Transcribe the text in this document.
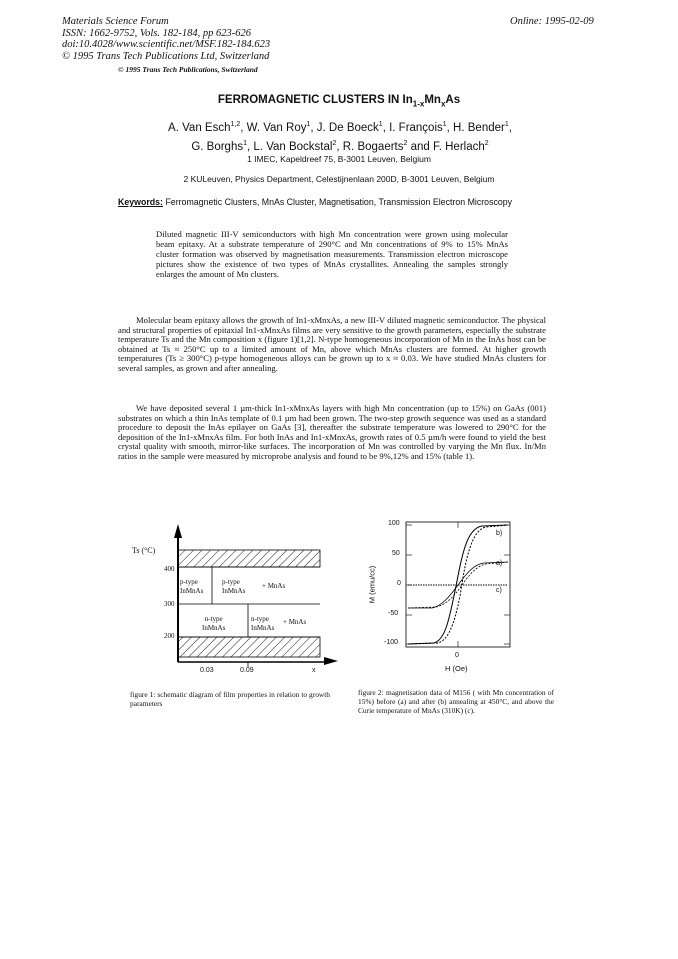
Materials Science Forum
ISSN: 1662-9752, Vols. 182-184, pp 623-626
doi:10.4028/www.scientific.net/MSF.182-184.623
© 1995 Trans Tech Publications Ltd, Switzerland
© 1995 Trans Tech Publications, Switzerland
Online: 1995-02-09
FERROMAGNETIC CLUSTERS IN $In_{1-x}Mn_xAs$
A. Van Esch$^{1,2}$, W. Van Roy$^1$, J. De Boeck$^1$, I. François$^1$, H. Bender$^1$,
G. Borghs$^1$, L. Van Bockstal$^2$, R. Bogaerts$^2$ and F. Herlach$^2$
1 IMEC, Kapeldreef 75, B-3001 Leuven, Belgium
2 KULeuven, Physics Department, Celestijnenlaan 200D, B-3001 Leuven, Belgium
Keywords: Ferromagnetic Clusters, MnAs Cluster, Magnetisation, Transmission Electron Microscopy
Diluted magnetic III-V semiconductors with high Mn concentration were grown using molecular beam epitaxy. At a substrate temperature of 290°C and Mn concentrations of 9% to 15% MnAs cluster formation was observed by magnetisation measurements. Transmission electron microscope pictures show the existence of two types of MnAs crystallites. Annealing the samples strongly enlarges the amount of Mn clusters.

Molecular beam epitaxy allows the growth of In1-xMnxAs, a new III-V diluted magnetic semiconductor. The physical and structural properties of epitaxial In1-xMnxAs films are very sensitive to the growth parameters, especially the substrate temperature Ts and the Mn composition x (figure 1)[1,2]. N-type homogeneous incorporation of Mn in the InAs host can be obtained at Ts ≈ 250°C up to a limited amount of Mn, above which MnAs clusters are formed. At higher growth temperatures (Ts ≥ 300°C) p-type homogeneous alloys can be grown up to x ≈ 0.03. We have studied MnAs clusters for several samples, as grown and after annealing.

We have deposited several 1 µm-thick In1-xMnxAs layers with high Mn concentration (up to 15%) on GaAs (001) substrates on which a thin InAs template of 0.1 µm had been grown. The two-step growth sequence was used as a standard procedure to deposit the InAs epilayer on GaAs [3], thereafter the substrate temperature was lowered to 290°C for the deposition of the In1-xMnxAs film. For both InAs and In1-xMnxAs, growth rates of 0.5 µm/h were found to yield the best crystal quality with smooth, mirror-like surfaces. The incorporation of Mn was controlled by varying the Mn flux. In/Mn ratios in the sample were measured by microprobe analysis and found to be 9%,12% and 15% (table 1).

400
300
200
Ts (°C)
p-type
InMnAs
p-type
InMnAs
+ MnAs
n-type
InMnAs
n-type
InMnAs
+ MnAs
0.03	0.09	x
figure 1: schematic diagram of film properties in relation to growth parameters
100
50
0
-50
-100
M (emu/cc)
b)
a)
c)
0
H (Oe)
figure 2: magnetisation data of M156 ( with Mn concentration of 15%) before (a) and after (b) annealing at 450°C, and above the Curie temperature of MnAs (310K) (c).
